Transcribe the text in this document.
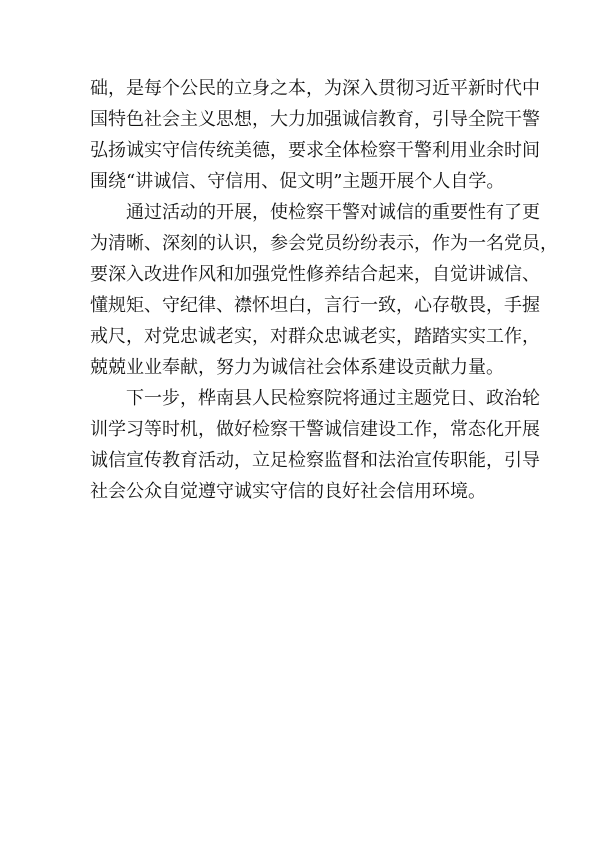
础，是每个公民的立身之本，为深入贯彻习近平新时代中
国特色社会主义思想，大力加强诚信教育，引导全院干警
弘扬诚实守信传统美德，要求全体检察干警利用业余时间
围绕“讲诚信、守信用、促文明”主题开展个人自学。
通过活动的开展，使检察干警对诚信的重要性有了更
为清晰、深刻的认识，参会党员纷纷表示，作为一名党员，
要深入改进作风和加强党性修养结合起来，自觉讲诚信、
懂规矩、守纪律、襟怀坦白，言行一致，心存敬畏，手握
戒尺，对党忠诚老实，对群众忠诚老实，踏踏实实工作，
兢兢业业奉献，努力为诚信社会体系建设贡献力量。
下一步，桦南县人民检察院将通过主题党日、政治轮
训学习等时机，做好检察干警诚信建设工作，常态化开展
诚信宣传教育活动，立足检察监督和法治宣传职能，引导
社会公众自觉遵守诚实守信的良好社会信用环境。
